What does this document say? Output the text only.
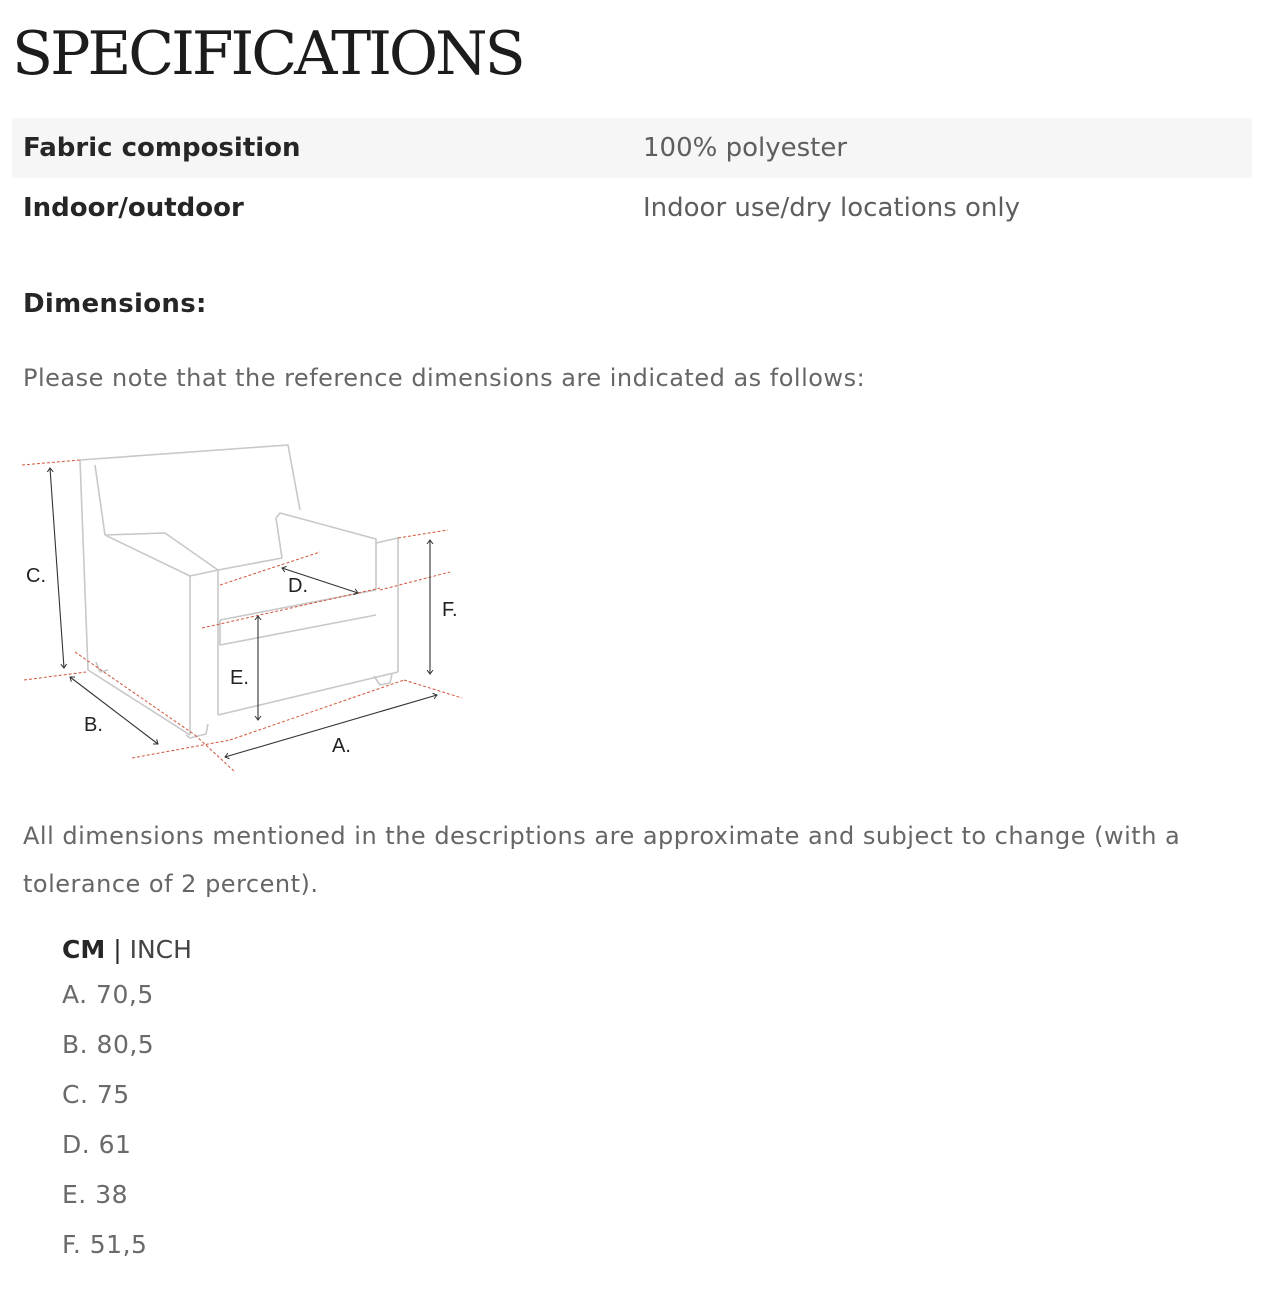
SPECIFICATIONS
Fabric composition	100% polyester
Indoor/outdoor	Indoor use/dry locations only
Dimensions:

Please note that the reference dimensions are indicated as follows:

C.	D.
F.
E.
B.
A.

All dimensions mentioned in the descriptions are approximate and subject to change (with a tolerance of 2 percent).

CM | INCH
A. 70,5
B. 80,5
C. 75
D. 61
E. 38
F. 51,5
